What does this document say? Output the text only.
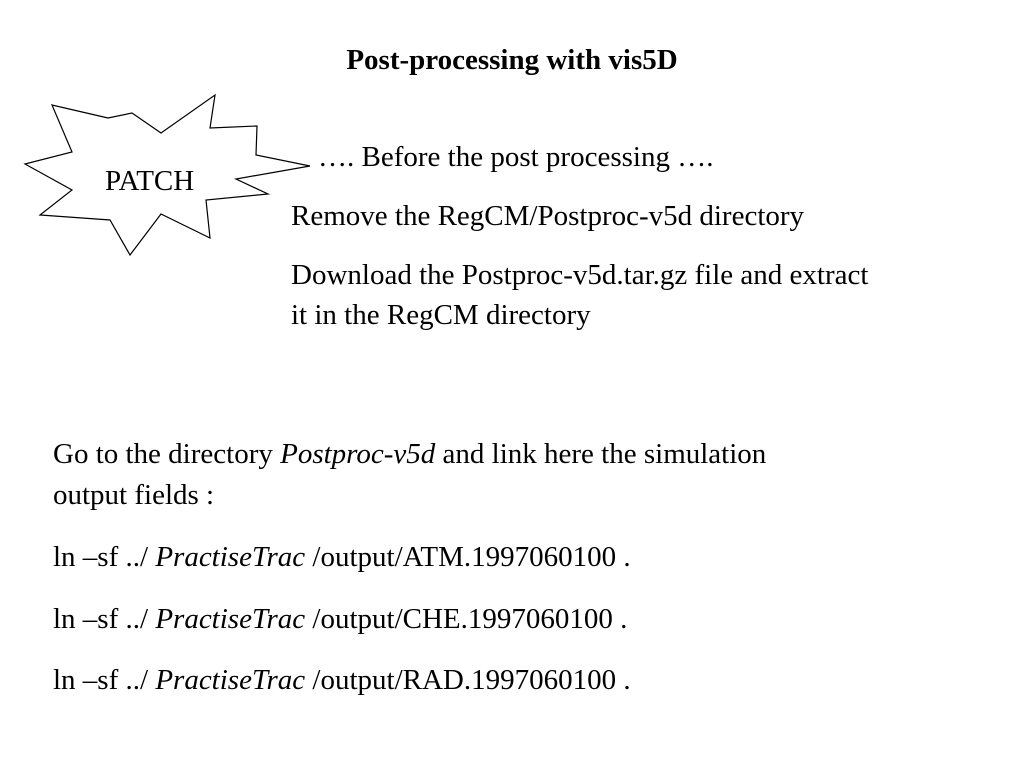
Post-processing with vis5D
PATCH
…. Before the post processing ….
Remove the RegCM/Postproc-v5d directory
Download the Postproc-v5d.tar.gz file and extract
it in the RegCM directory
Go to the directory Postproc-v5d and link here the simulation
output fields :
ln –sf ../ PractiseTrac /output/ATM.1997060100 .
ln –sf ../ PractiseTrac /output/CHE.1997060100 .
ln –sf ../ PractiseTrac /output/RAD.1997060100 .
